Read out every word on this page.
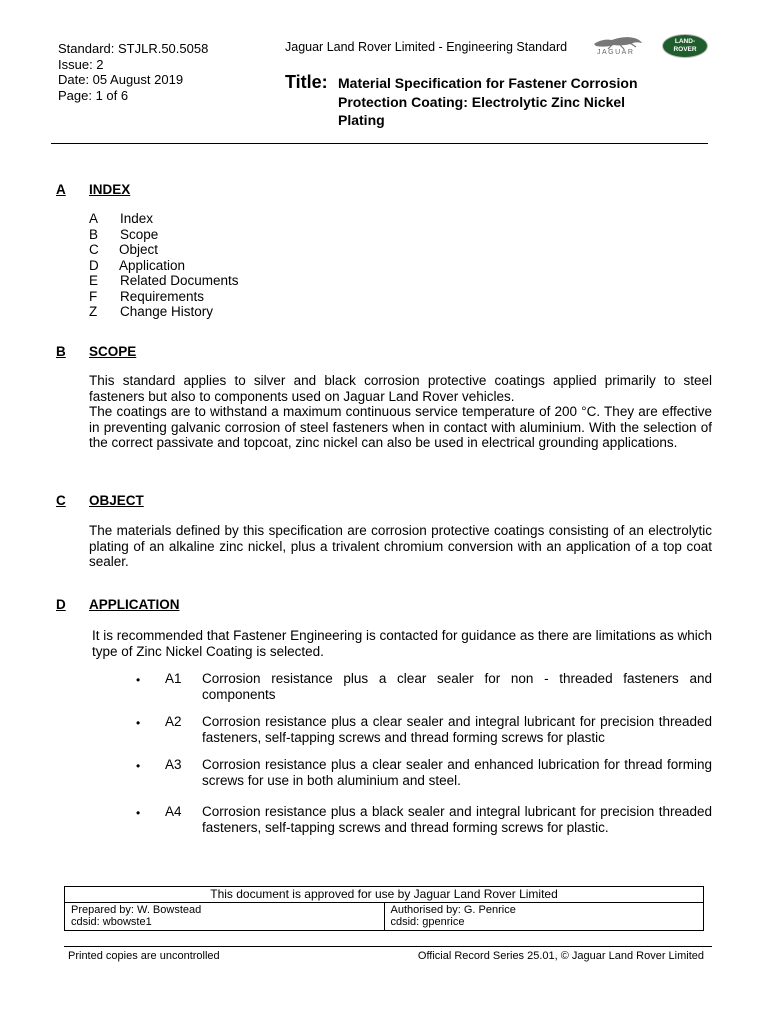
Standard: STJLR.50.5058
Issue: 2
Date: 05 August 2019
Page: 1 of 6
Jaguar Land Rover Limited - Engineering Standard	JAGUAR
LAND-
ROVER
Title: Material Specification for Fastener Corrosion
Protection Coating: Electrolytic Zinc Nickel
Plating
A INDEX
A Index
B Scope
C Object
D Application
E Related Documents
F Requirements
Z Change History
B SCOPE
This standard applies to silver and black corrosion protective coatings applied primarily to steel fasteners but also to components used on Jaguar Land Rover vehicles.
The coatings are to withstand a maximum continuous service temperature of 200 °C. They are effective in preventing galvanic corrosion of steel fasteners when in contact with aluminium. With the selection of the correct passivate and topcoat, zinc nickel can also be used in electrical grounding applications.
C OBJECT
The materials defined by this specification are corrosion protective coatings consisting of an electrolytic plating of an alkaline zinc nickel, plus a trivalent chromium conversion with an application of a top coat sealer.
D APPLICATION
It is recommended that Fastener Engineering is contacted for guidance as there are limitations as which type of Zinc Nickel Coating is selected.
• A1 Corrosion resistance plus a clear sealer for non - threaded fasteners and components
• A2 Corrosion resistance plus a clear sealer and integral lubricant for precision threaded fasteners, self-tapping screws and thread forming screws for plastic
• A3 Corrosion resistance plus a clear sealer and enhanced lubrication for thread forming screws for use in both aluminium and steel.
• A4 Corrosion resistance plus a black sealer and integral lubricant for precision threaded fasteners, self-tapping screws and thread forming screws for plastic.
This document is approved for use by Jaguar Land Rover Limited

Prepared by: W. Bowstead
cdsid: wbowste1

Authorised by: G. Penrice
cdsid: gpenrice
Printed copies are uncontrolled	Official Record Series 25.01, © Jaguar Land Rover Limited
